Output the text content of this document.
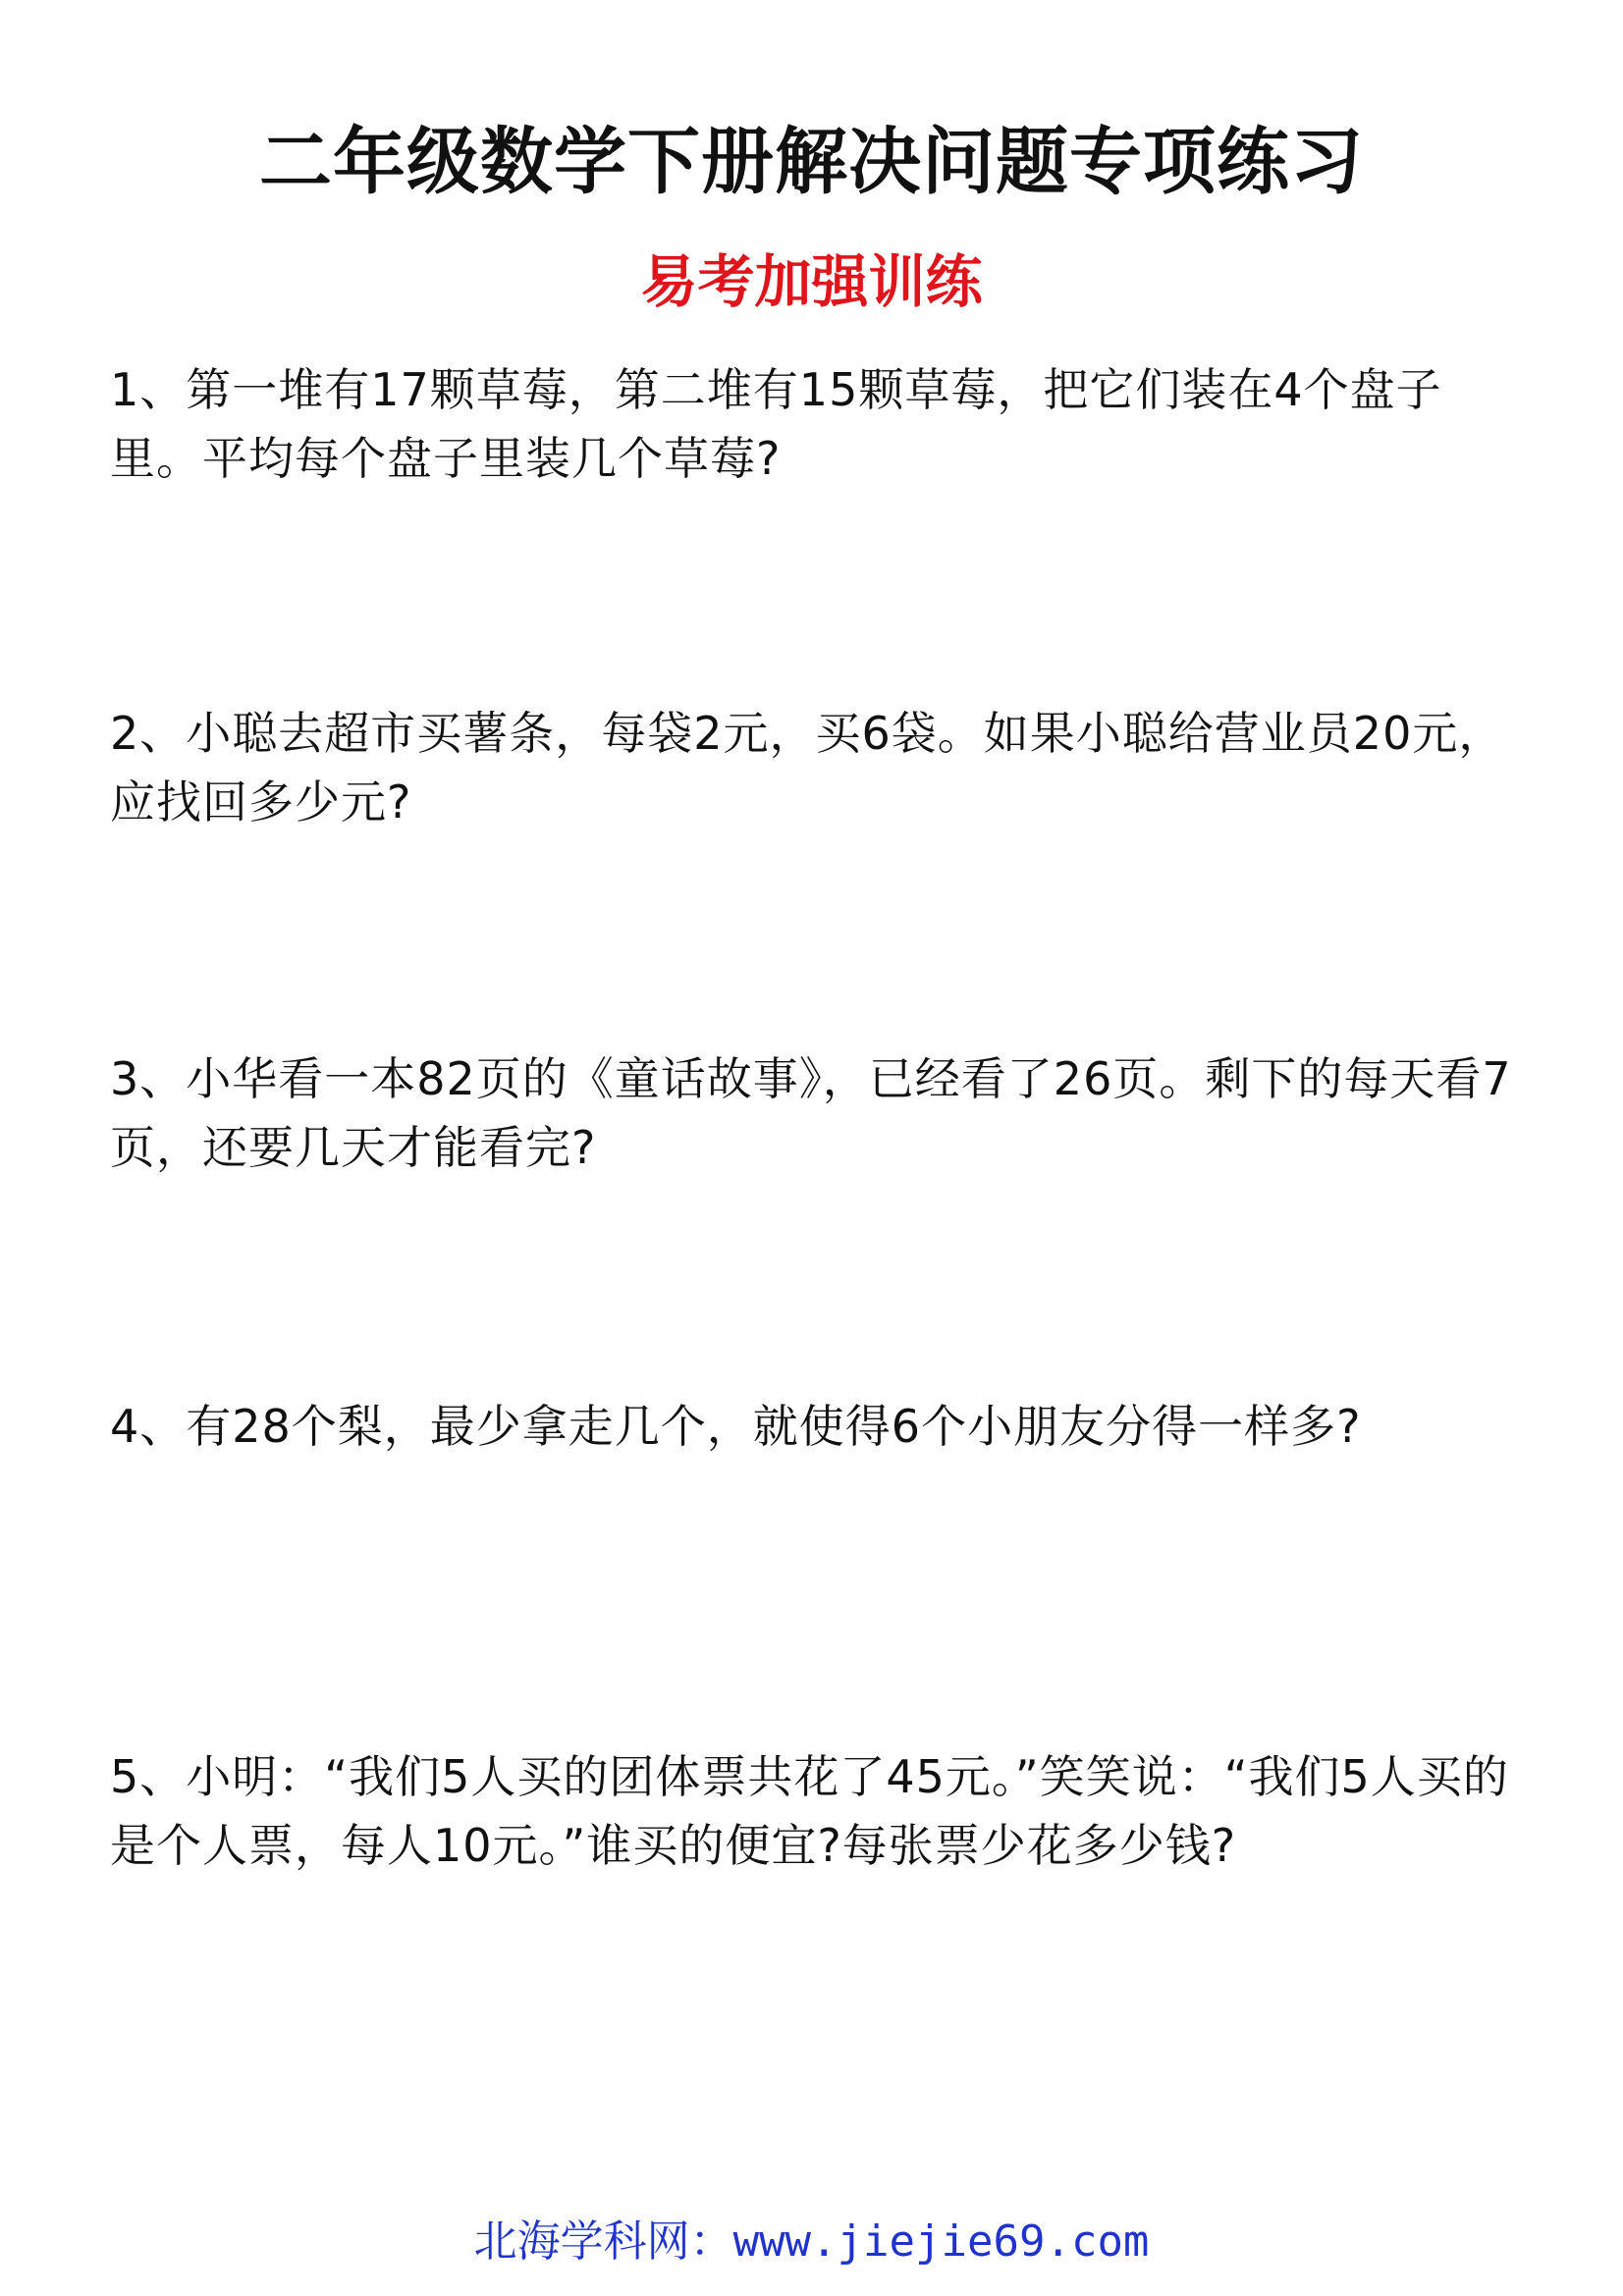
二年级数学下册解决问题专项练习
易考加强训练
1、第一堆有17颗草莓，第二堆有15颗草莓，把它们装在4个盘子里。平均每个盘子里装几个草莓?
2、小聪去超市买薯条，每袋2元，买6袋。如果小聪给营业员20元，应找回多少元?
3、小华看一本82页的《童话故事》，已经看了26页。剩下的每天看7页，还要几天才能看完?
4、有28个梨，最少拿走几个，就使得6个小朋友分得一样多?
5、小明：“我们5人买的团体票共花了45元。”笑笑说：“我们5人买的是个人票，每人10元。”谁买的便宜?每张票少花多少钱?
北海学科网：www.jiejie69.com
